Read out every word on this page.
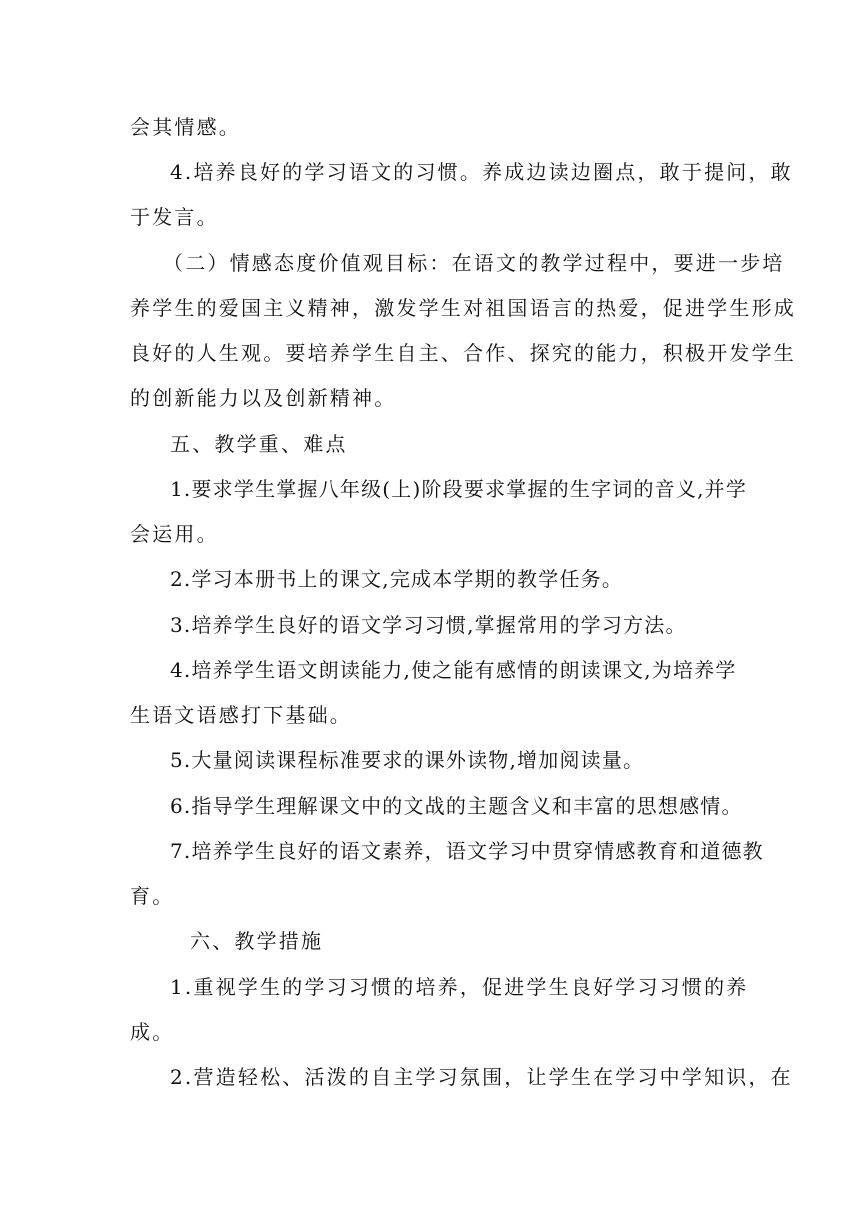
会其情感。
4.培养良好的学习语文的习惯。养成边读边圈点，敢于提问，敢
于发言。
（二）情感态度价值观目标：在语文的教学过程中，要进一步培
养学生的爱国主义精神，激发学生对祖国语言的热爱，促进学生形成
良好的人生观。要培养学生自主、合作、探究的能力，积极开发学生
的创新能力以及创新精神。
五、教学重、难点
1.要求学生掌握八年级(上)阶段要求掌握的生字词的音义,并学
会运用。
2.学习本册书上的课文,完成本学期的教学任务。
3.培养学生良好的语文学习习惯,掌握常用的学习方法。
4.培养学生语文朗读能力,使之能有感情的朗读课文,为培养学
生语文语感打下基础。
5.大量阅读课程标准要求的课外读物,增加阅读量。
6.指导学生理解课文中的文战的主题含义和丰富的思想感情。
7.培养学生良好的语文素养，语文学习中贯穿情感教育和道德教
育。
六、教学措施
1.重视学生的学习习惯的培养，促进学生良好学习习惯的养
成。
2.营造轻松、活泼的自主学习氛围，让学生在学习中学知识，在
